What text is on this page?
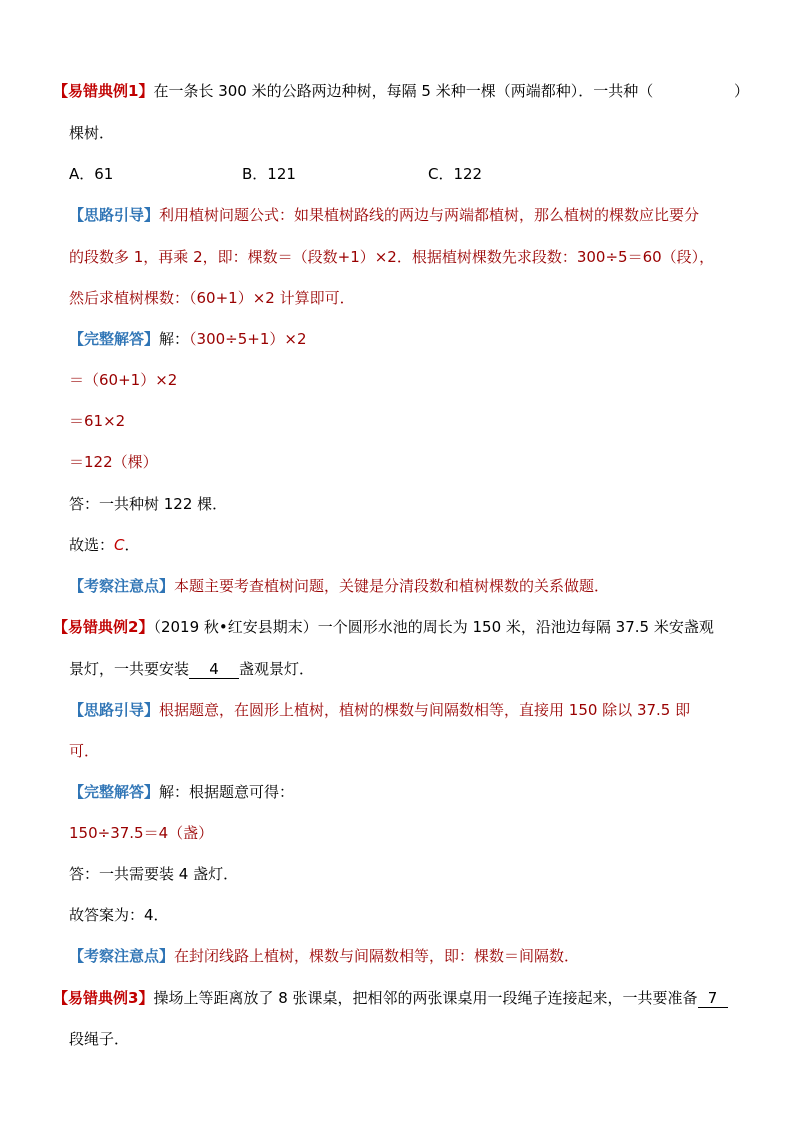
【易错典例1】在一条长 300 米的公路两边种树，每隔 5 米种一棵（两端都种）．一共种（	）
棵树．
A．61	B．121	C．122
【思路引导】利用植树问题公式：如果植树路线的两边与两端都植树，那么植树的棵数应比要分
的段数多 1，再乘 2，即：棵数＝（段数+1）×2．根据植树棵数先求段数：300÷5＝60（段），
然后求植树棵数：（60+1）×2 计算即可．
【完整解答】解：（300÷5+1）×2
＝（60+1）×2
＝61×2
＝122（棵）
答：一共种树 122 棵．
故选：C．
【考察注意点】本题主要考查植树问题，关键是分清段数和植树棵数的关系做题．
【易错典例2】（2019 秋•红安县期末）一个圆形水池的周长为 150 米，沿池边每隔 37.5 米安盏观
景灯，一共要安装 4 盏观景灯．
【思路引导】根据题意，在圆形上植树，植树的棵数与间隔数相等，直接用 150 除以 37.5 即
可．
【完整解答】解：根据题意可得：
150÷37.5＝4（盏）
答：一共需要装 4 盏灯．
故答案为：4．
【考察注意点】在封闭线路上植树，棵数与间隔数相等，即：棵数＝间隔数．
【易错典例3】操场上等距离放了 8 张课桌，把相邻的两张课桌用一段绳子连接起来，一共要准备 7
段绳子．
